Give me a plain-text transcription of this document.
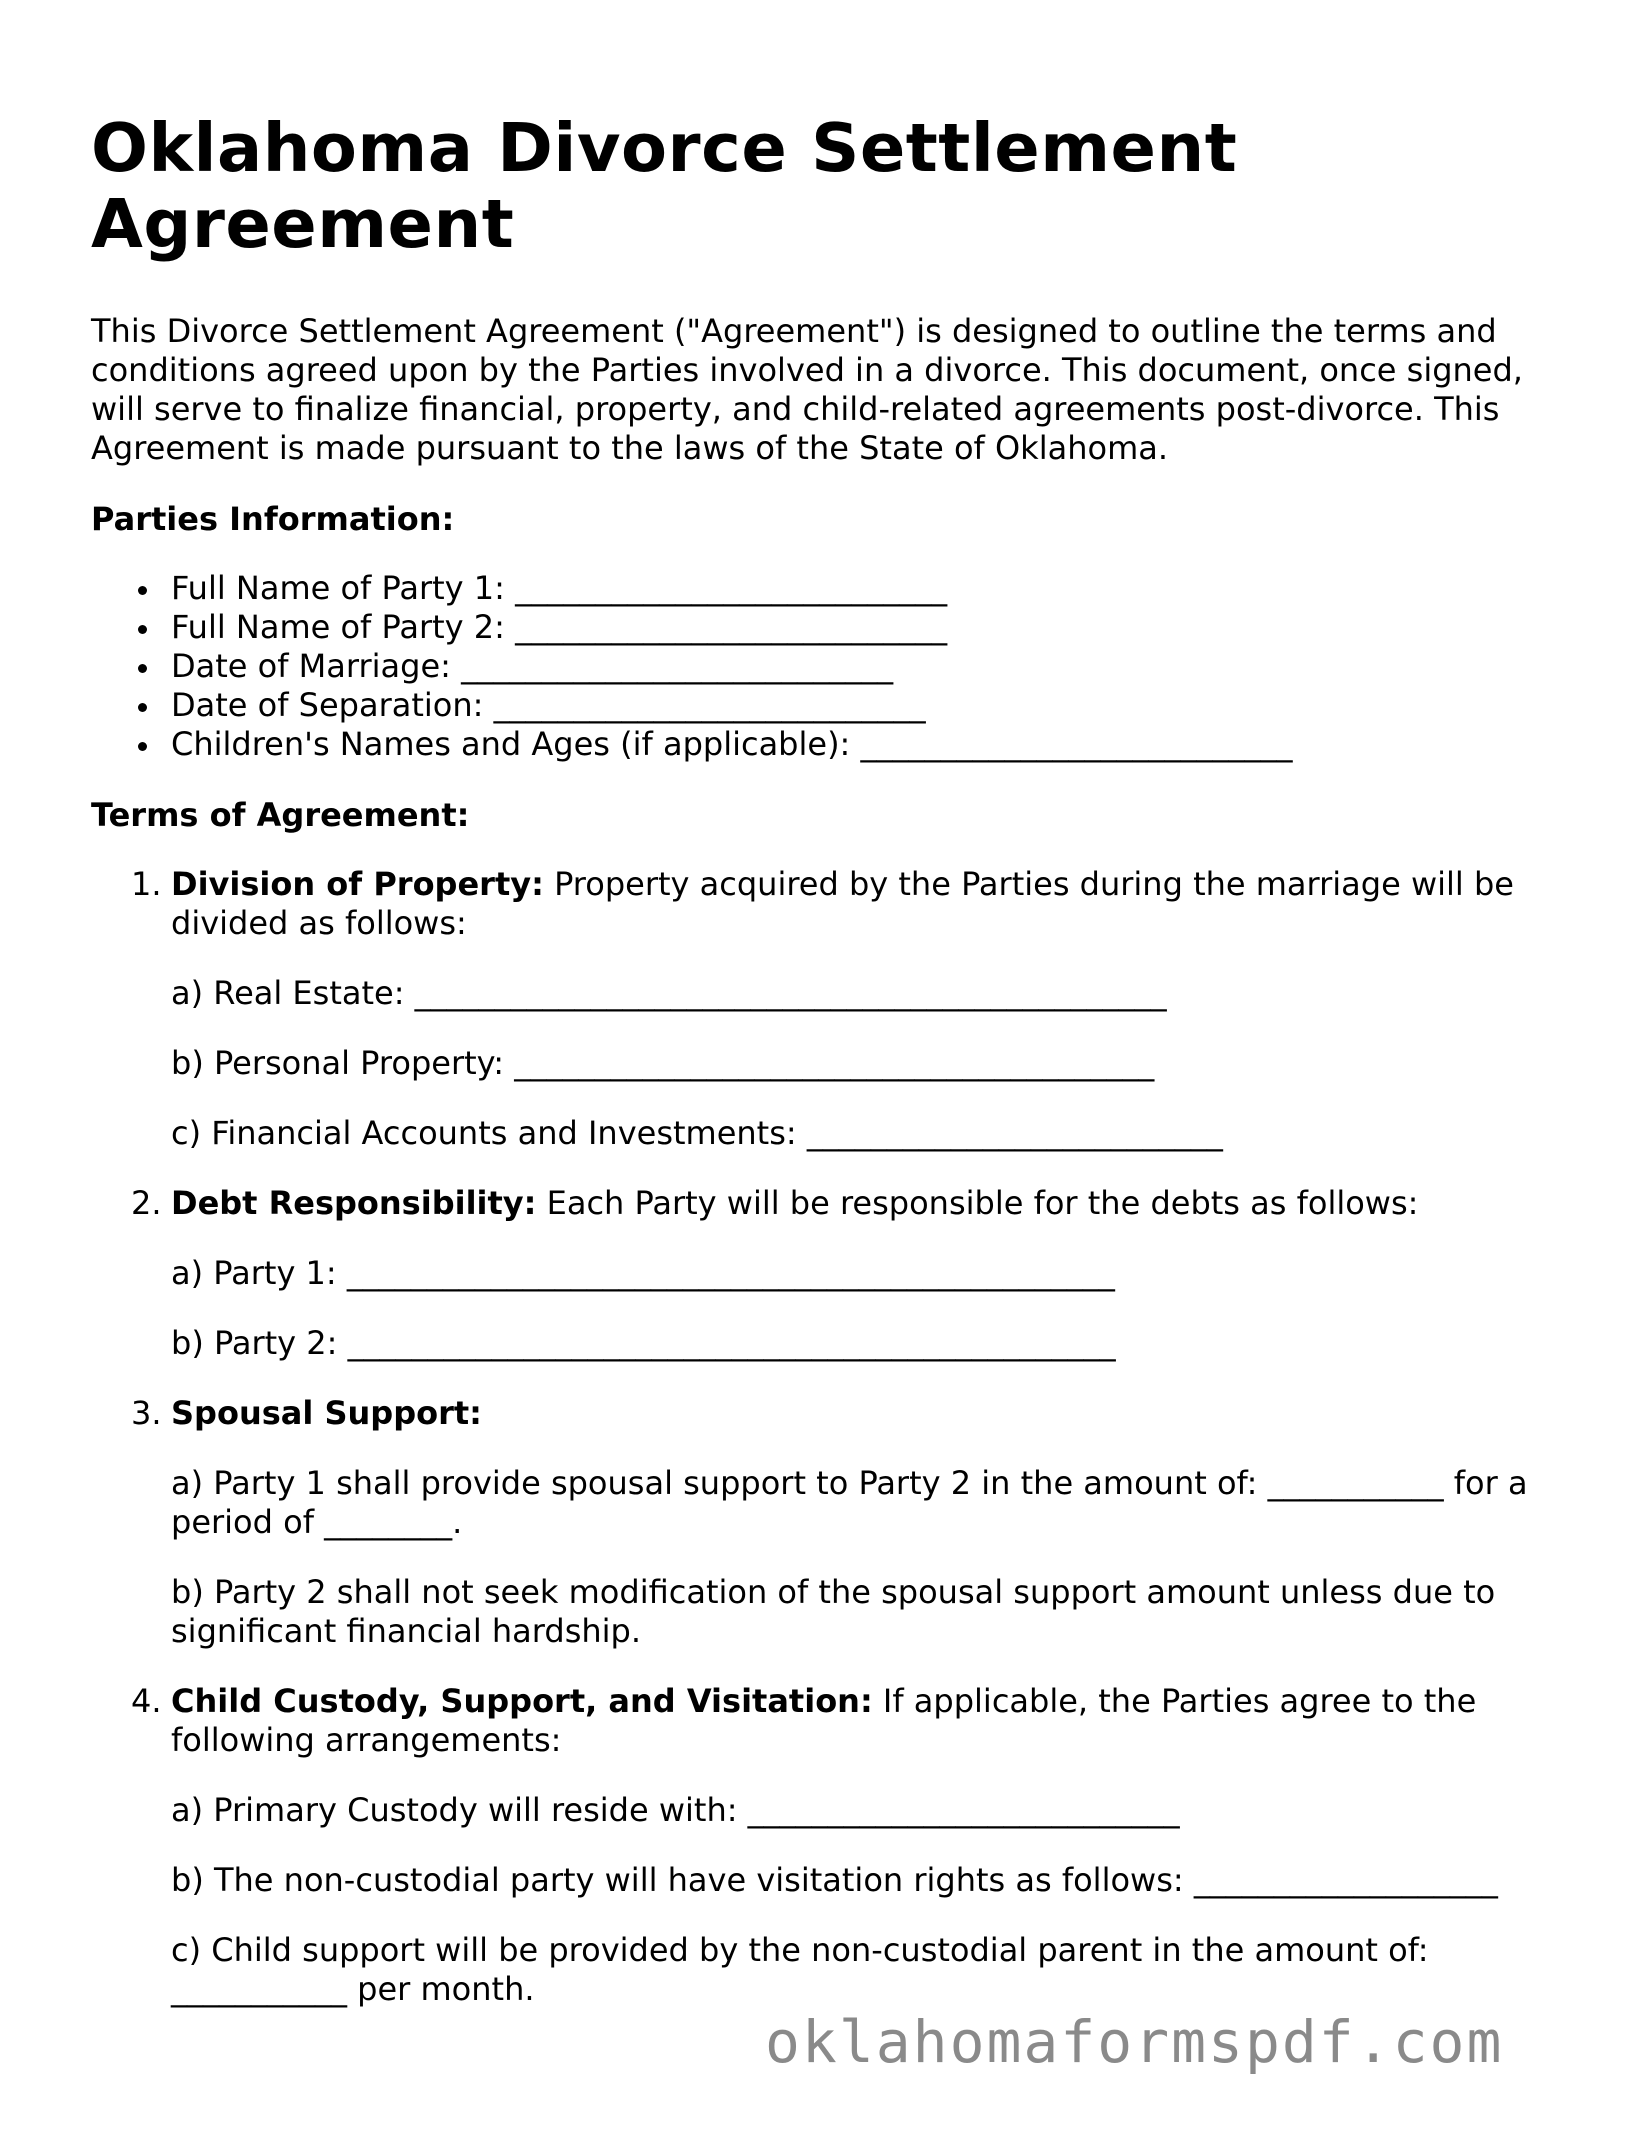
Oklahoma Divorce Settlement Agreement

This Divorce Settlement Agreement ("Agreement") is designed to outline the terms and conditions agreed upon by the Parties involved in a divorce. This document, once signed, will serve to finalize financial, property, and child-related agreements post-divorce. This Agreement is made pursuant to the laws of the State of Oklahoma.

Parties Information:

Full Name of Party 1: ___________________________
Full Name of Party 2: ___________________________
Date of Marriage: ___________________________
Date of Separation: ___________________________
Children's Names and Ages (if applicable): ___________________________

Terms of Agreement:

1. Division of Property: Property acquired by the Parties during the marriage will be divided as follows:

a) Real Estate: _______________________________________________

b) Personal Property: ________________________________________

c) Financial Accounts and Investments: __________________________

2. Debt Responsibility: Each Party will be responsible for the debts as follows:

a) Party 1: ________________________________________________

b) Party 2: ________________________________________________

3. Spousal Support:

a) Party 1 shall provide spousal support to Party 2 in the amount of: ___________ for a period of ________.

b) Party 2 shall not seek modification of the spousal support amount unless due to significant financial hardship.

4. Child Custody, Support, and Visitation: If applicable, the Parties agree to the following arrangements:

a) Primary Custody will reside with: ___________________________

b) The non-custodial party will have visitation rights as follows: ___________________

c) Child support will be provided by the non-custodial parent in the amount of: ___________ per month.

oklahomaformspdf.com
